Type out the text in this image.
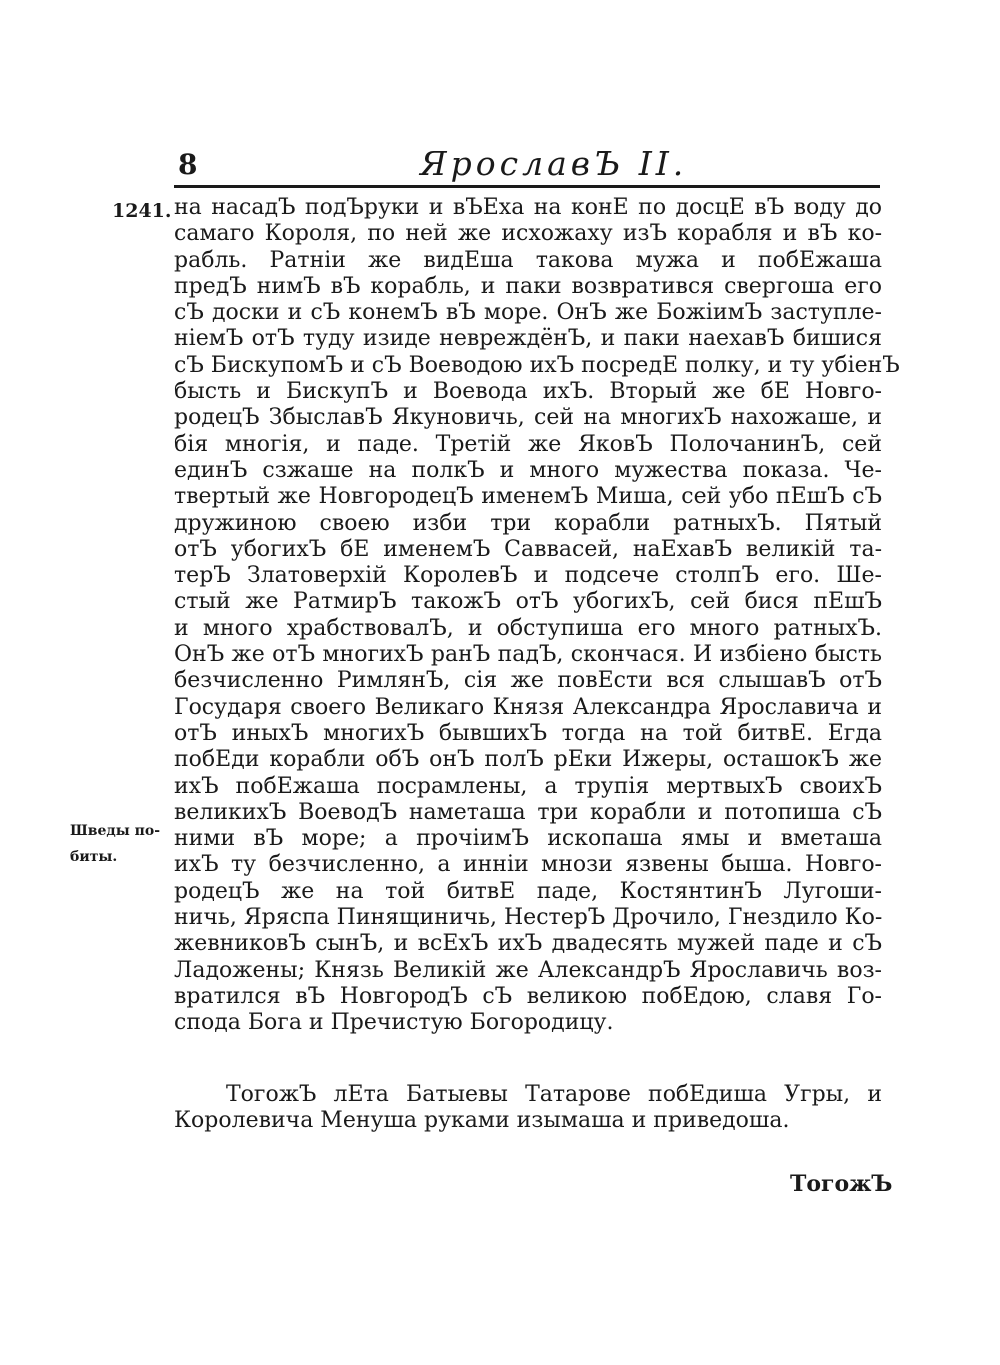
8	ЯрославЪ II.
1241.
Шведы по-
биты.
на насадЪ подЪруки и вЪЕха на конЕ по досцЕ вЪ воду до
самаго Короля, по ней же исхожаху изЪ корабля и вЪ ко-
рабль. Ратнiи же видЕша такова мужа и побЕжаша
предЪ нимЪ вЪ корабль, и паки возвратився свергоша его
сЪ доски и сЪ конемЪ вЪ море. ОнЪ же БожiимЪ заступле-
нiемЪ отЪ туду изиде невреждёнЪ, и паки наехавЪ бишися
сЪ БискупомЪ и сЪ Воеводою ихЪ посредЕ полку, и ту убiенЪ
бысть и БискупЪ и Воевода ихЪ. Вторый же бЕ Новго-
родецЪ ЗбыславЪ Якуновичь, сей на многихЪ нахожаше, и
бiя многiя, и паде. Третiй же ЯковЪ ПолочанинЪ, сей
единЪ сзжаше на полкЪ и много мужества показа. Че-
твертый же НовгородецЪ именемЪ Миша, сей убо пЕшЪ сЪ
дружиною своею изби три корабли ратныхЪ. Пятый
отЪ убогихЪ бЕ именемЪ Саввасей, наЕхавЪ великiй та-
терЪ Златоверхiй КоролевЪ и подсече столпЪ его. Ше-
стый же РатмирЪ такожЪ отЪ убогихЪ, сей бися пЕшЪ
и много храбствовалЪ, и обступиша его много ратныхЪ.
ОнЪ же отЪ многихЪ ранЪ падЪ, скончася. И избiено бысть
безчисленно РимлянЪ, сiя же повЕсти вся слышавЪ отЪ
Государя своего Великаго Князя Александра Ярославича и
отЪ иныхЪ многихЪ бывшихЪ тогда на той битвЕ. Егда
побЕди корабли обЪ онЪ полЪ рЕки Ижеры, осташокЪ же
ихЪ побЕжаша посрамлены, а трупiя мертвыхЪ своихЪ
великихЪ ВоеводЪ наметаша три корабли и потопиша сЪ
ними вЪ море; а прочiимЪ ископаша ямы и вметаша
ихЪ ту безчисленно, а иннiи мнози язвены быша. Новго-
родецЪ же на той битвЕ паде, КостянтинЪ Лугоши-
ничь, Яряспа Пинящиничь, НестерЪ Дрочило, Гнездило Ко-
жевниковЪ сынЪ, и всЕхЪ ихЪ двадесять мужей паде и сЪ
Ладожены; Князь Великiй же АлександрЪ Ярославичь воз-
вратился вЪ НовгородЪ сЪ великою побЕдою, славя Го-
спода Бога и Пречистую Богородицу.
ТогожЪ лЕта Батыевы Татарове побЕдиша Угры, и
Королевича Менуша руками изымаша и приведоша.
ТогожЪ
